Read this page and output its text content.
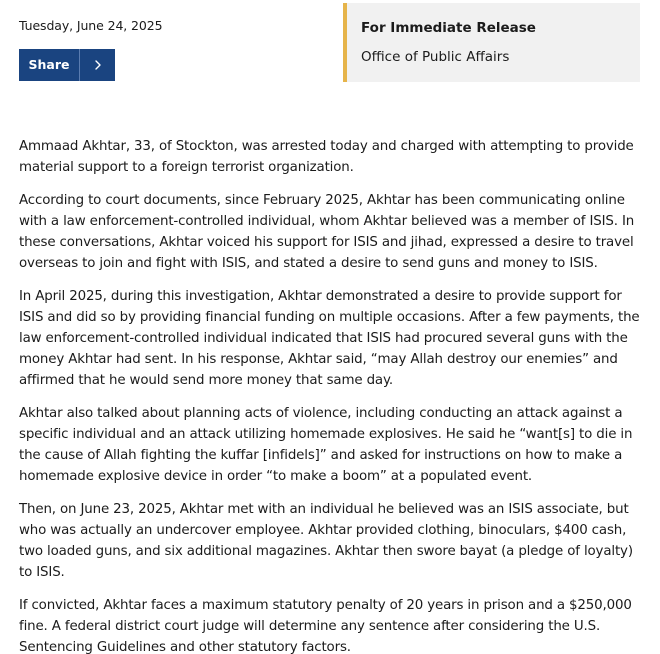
Tuesday, June 24, 2025
Share
For Immediate Release
Office of Public Affairs

Ammaad Akhtar, 33, of Stockton, was arrested today and charged with attempting to provide material support to a foreign terrorist organization.

According to court documents, since February 2025, Akhtar has been communicating online with a law enforcement-controlled individual, whom Akhtar believed was a member of ISIS. In these conversations, Akhtar voiced his support for ISIS and jihad, expressed a desire to travel overseas to join and fight with ISIS, and stated a desire to send guns and money to ISIS.

In April 2025, during this investigation, Akhtar demonstrated a desire to provide support for ISIS and did so by providing financial funding on multiple occasions. After a few payments, the law enforcement-controlled individual indicated that ISIS had procured several guns with the money Akhtar had sent. In his response, Akhtar said, “may Allah destroy our enemies” and affirmed that he would send more money that same day.

Akhtar also talked about planning acts of violence, including conducting an attack against a specific individual and an attack utilizing homemade explosives. He said he “want[s] to die in the cause of Allah fighting the kuffar [infidels]” and asked for instructions on how to make a homemade explosive device in order “to make a boom” at a populated event.

Then, on June 23, 2025, Akhtar met with an individual he believed was an ISIS associate, but who was actually an undercover employee. Akhtar provided clothing, binoculars, $400 cash, two loaded guns, and six additional magazines. Akhtar then swore bayat (a pledge of loyalty) to ISIS.

If convicted, Akhtar faces a maximum statutory penalty of 20 years in prison and a $250,000 fine. A federal district court judge will determine any sentence after considering the U.S. Sentencing Guidelines and other statutory factors.
